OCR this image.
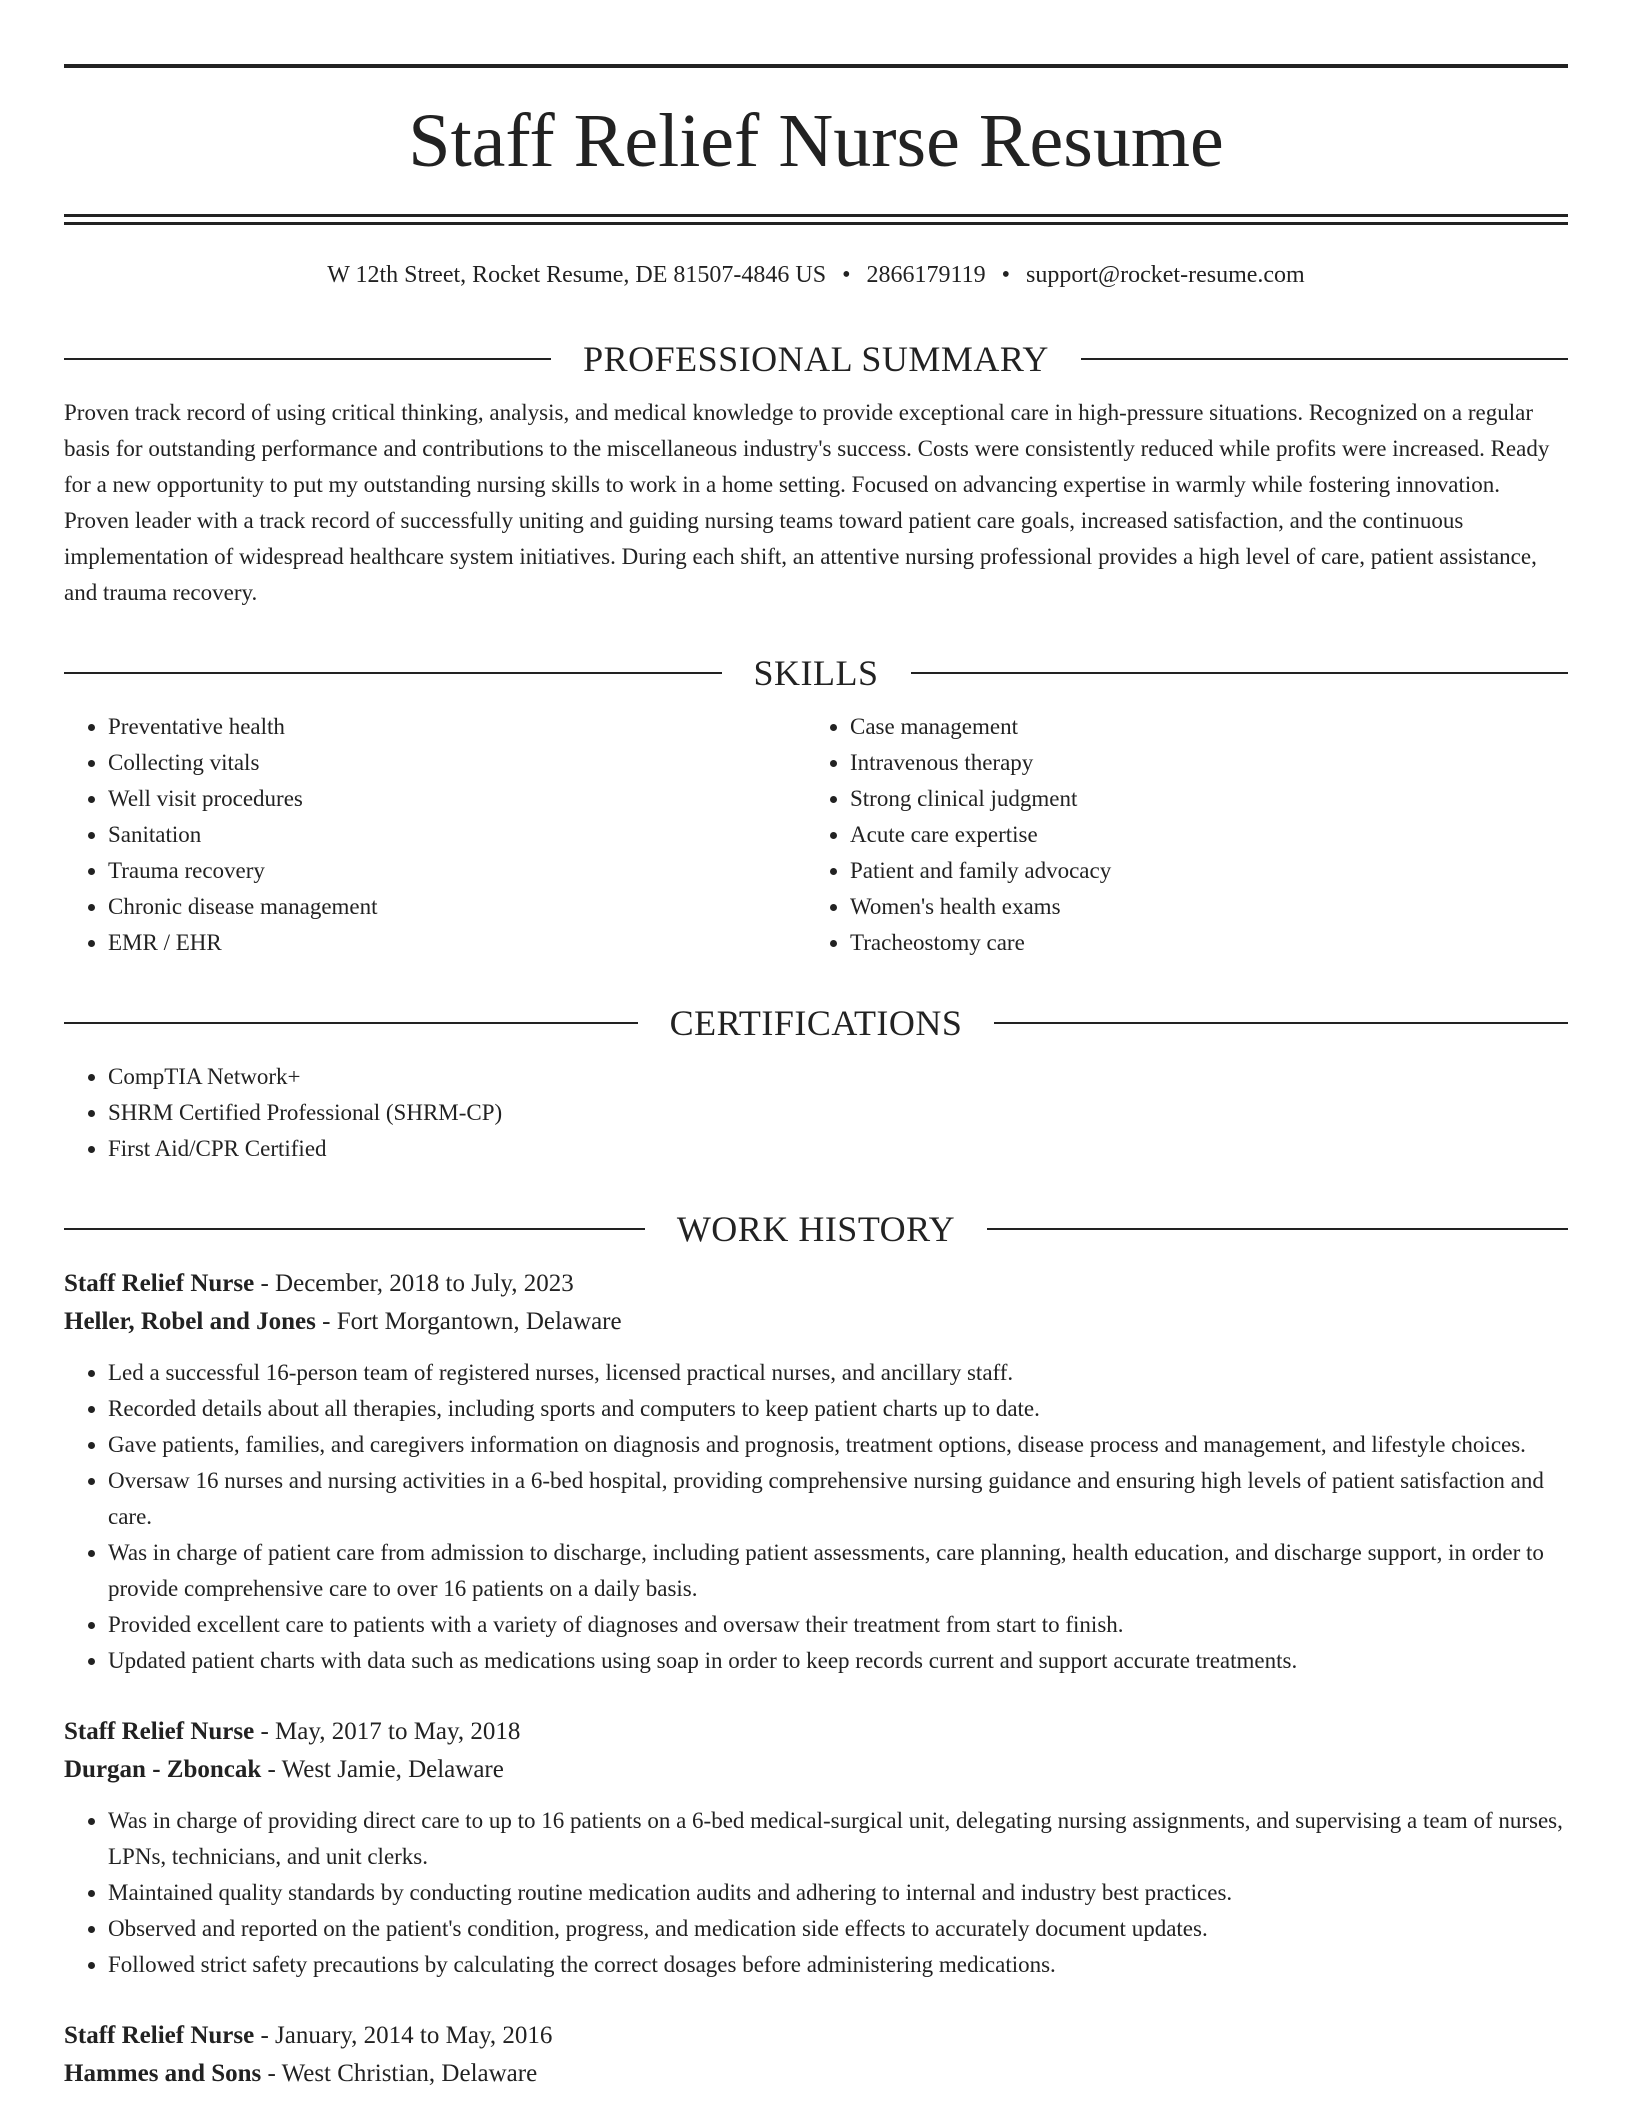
Staff Relief Nurse Resume
W 12th Street, Rocket Resume, DE 81507-4846 US • 2866179119 • support@rocket-resume.com
PROFESSIONAL SUMMARY

Proven track record of using critical thinking, analysis, and medical knowledge to provide exceptional care in high-pressure situations. Recognized on a regular basis for outstanding performance and contributions to the miscellaneous industry's success. Costs were consistently reduced while profits were increased. Ready for a new opportunity to put my outstanding nursing skills to work in a home setting. Focused on advancing expertise in warmly while fostering innovation. Proven leader with a track record of successfully uniting and guiding nursing teams toward patient care goals, increased satisfaction, and the continuous implementation of widespread healthcare system initiatives. During each shift, an attentive nursing professional provides a high level of care, patient assistance, and trauma recovery.

SKILLS
• Preventative health
• Collecting vitals
• Well visit procedures
• Sanitation
• Trauma recovery
• Chronic disease management
• EMR / EHR
• Case management
• Intravenous therapy
• Strong clinical judgment
• Acute care expertise
• Patient and family advocacy
• Women's health exams
• Tracheostomy care
CERTIFICATIONS
• CompTIA Network+
• SHRM Certified Professional (SHRM-CP)
• First Aid/CPR Certified
WORK HISTORY
Staff Relief Nurse - December, 2018 to July, 2023
Heller, Robel and Jones - Fort Morgantown, Delaware
• Led a successful 16-person team of registered nurses, licensed practical nurses, and ancillary staff.
• Recorded details about all therapies, including sports and computers to keep patient charts up to date.
• Gave patients, families, and caregivers information on diagnosis and prognosis, treatment options, disease process and management, and lifestyle choices.
• Oversaw 16 nurses and nursing activities in a 6-bed hospital, providing comprehensive nursing guidance and ensuring high levels of patient satisfaction and care.
• Was in charge of patient care from admission to discharge, including patient assessments, care planning, health education, and discharge support, in order to provide comprehensive care to over 16 patients on a daily basis.
• Provided excellent care to patients with a variety of diagnoses and oversaw their treatment from start to finish.
• Updated patient charts with data such as medications using soap in order to keep records current and support accurate treatments.
Staff Relief Nurse - May, 2017 to May, 2018
Durgan - Zboncak - West Jamie, Delaware
• Was in charge of providing direct care to up to 16 patients on a 6-bed medical-surgical unit, delegating nursing assignments, and supervising a team of nurses, LPNs, technicians, and unit clerks.
• Maintained quality standards by conducting routine medication audits and adhering to internal and industry best practices.
• Observed and reported on the patient's condition, progress, and medication side effects to accurately document updates.
• Followed strict safety precautions by calculating the correct dosages before administering medications.
Staff Relief Nurse - January, 2014 to May, 2016
Hammes and Sons - West Christian, Delaware
